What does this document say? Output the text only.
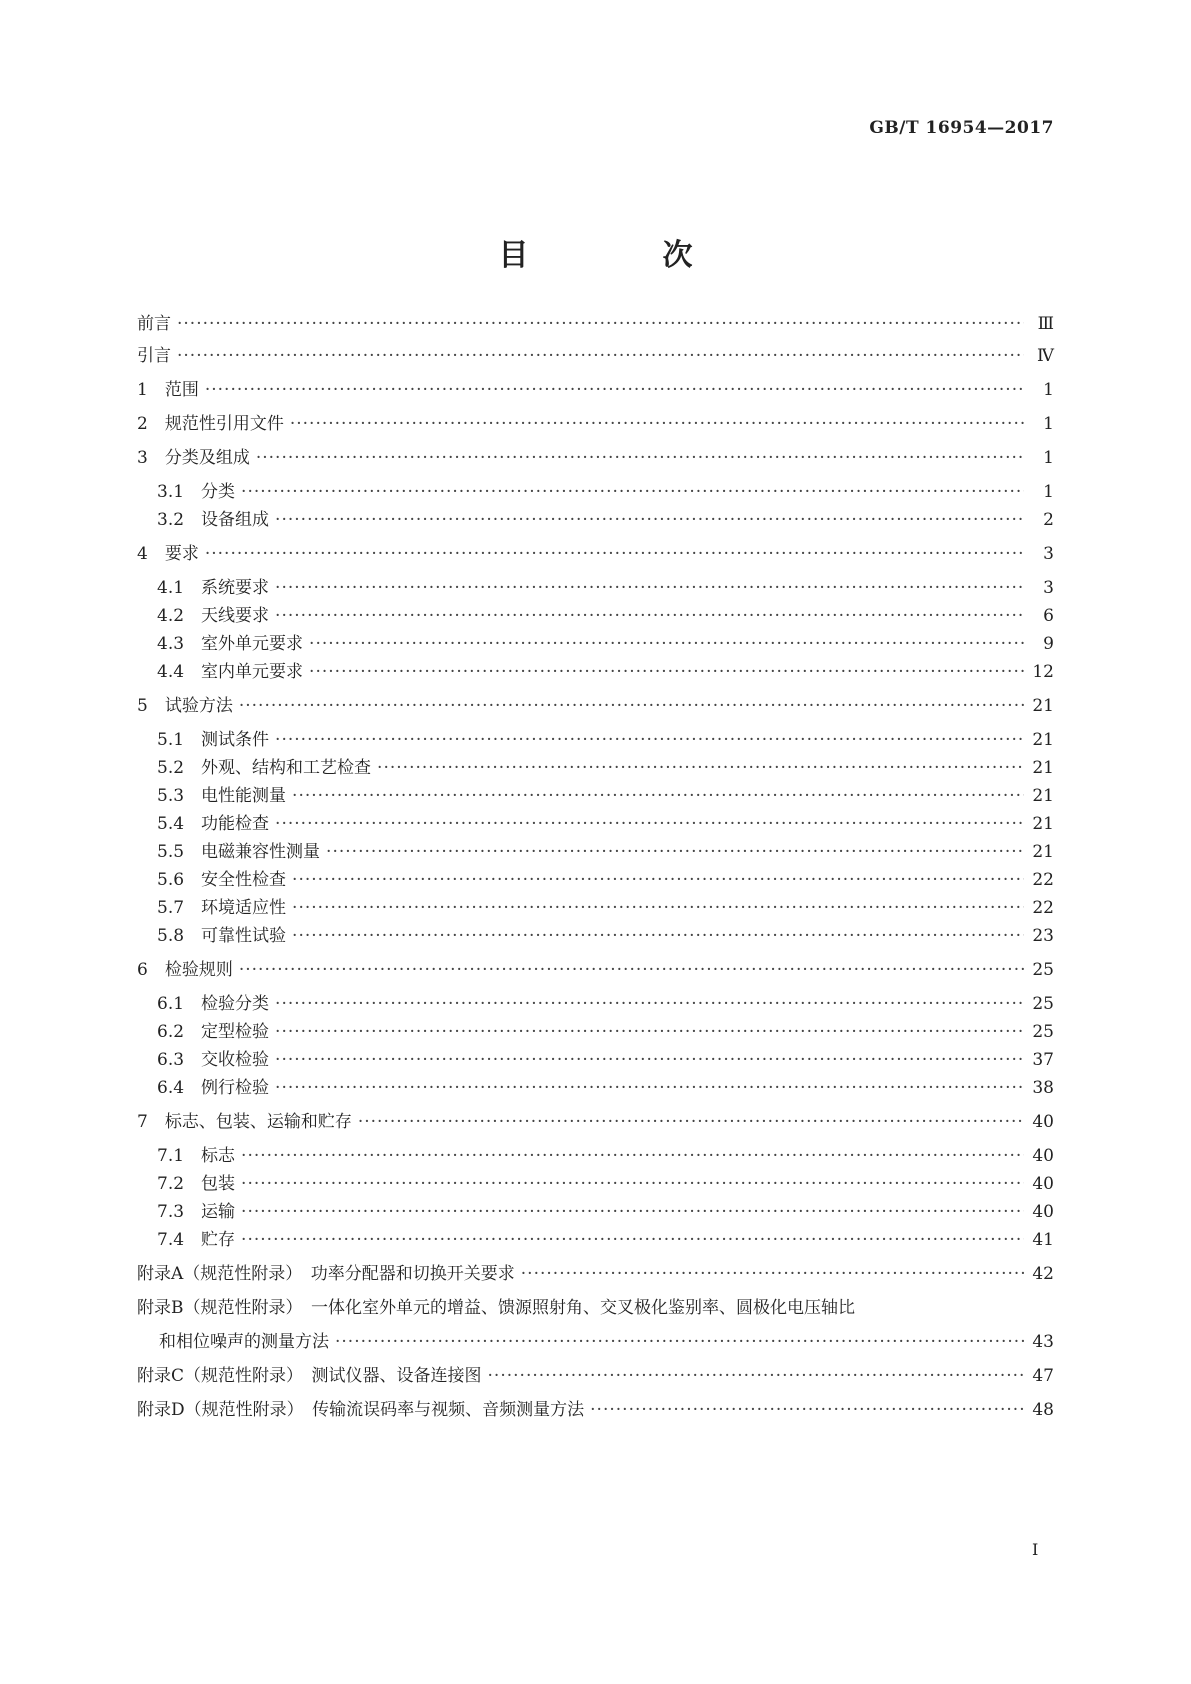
GB/T 16954—2017
目　次
前言 ·····	Ⅲ
引言 ·····	Ⅳ
1　范围 ·····	1
2　规范性引用文件 ·····	1
3　分类及组成 ·····	1
3.1　分类 ·····	1
3.2　设备组成 ·····	2
4　要求 ·····	3
4.1　系统要求 ·····	3
4.2　天线要求 ·····	6
4.3　室外单元要求 ·····	9
4.4　室内单元要求 ·····	12
5　试验方法 ·····	21
5.1　测试条件 ·····	21
5.2　外观、结构和工艺检查 ·····	21
5.3　电性能测量 ·····	21
5.4　功能检查 ·····	21
5.5　电磁兼容性测量 ·····	21
5.6　安全性检查 ·····	22
5.7　环境适应性 ·····	22
5.8　可靠性试验 ·····	23
6　检验规则 ·····	25
6.1　检验分类 ·····	25
6.2　定型检验 ·····	25
6.3　交收检验 ·····	37
6.4　例行检验 ·····	38
7　标志、包装、运输和贮存 ·····	40
7.1　标志 ·····	40
7.2　包装 ·····	40
7.3　运输 ·····	40
7.4　贮存 ·····	41
附录A（规范性附录）　功率分配器和切换开关要求 ·····	42
附录B（规范性附录）　一体化室外单元的增益、馈源照射角、交叉极化鉴别率、圆极化电压轴比
和相位噪声的测量方法 ·····	43
附录C（规范性附录）　测试仪器、设备连接图 ·····	47
附录D（规范性附录）　传输流误码率与视频、音频测量方法 ·····	48
Ⅰ
